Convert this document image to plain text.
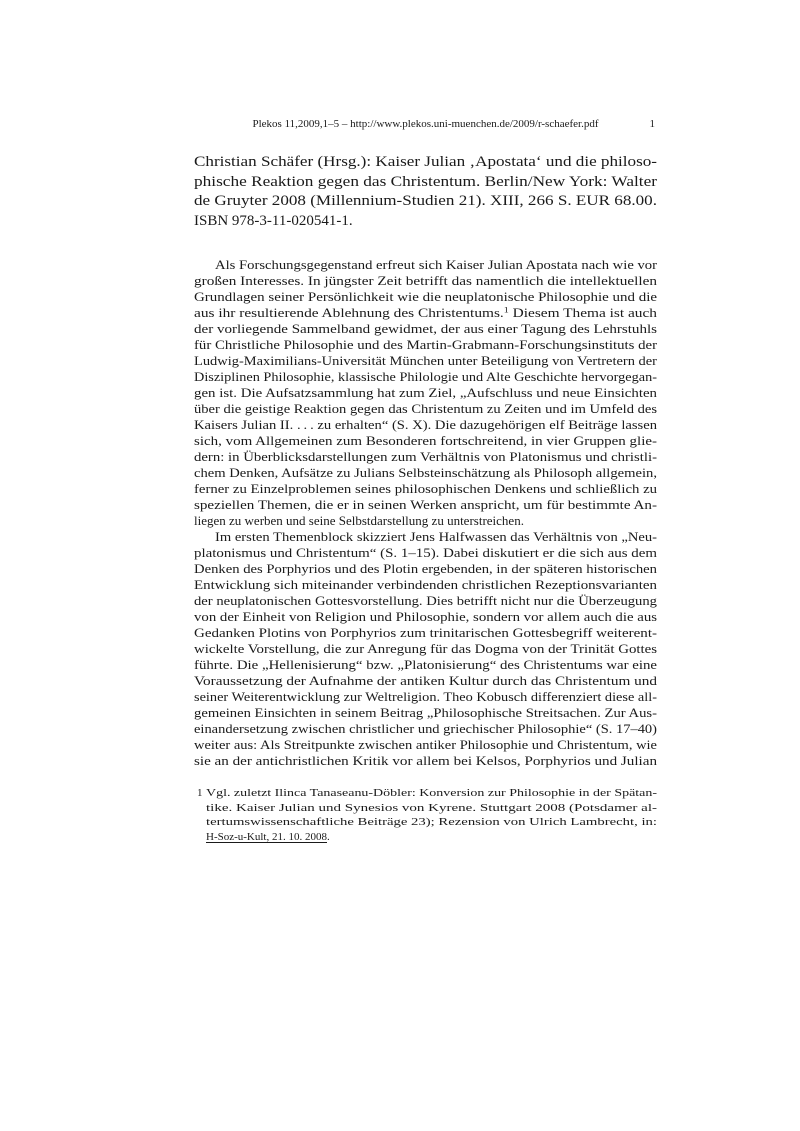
Plekos 11,2009,1–5 – http://www.plekos.uni-muenchen.de/2009/r-schaefer.pdf	1
Christian Schäfer (Hrsg.): Kaiser Julian ‚Apostata‘ und die philoso-
phische Reaktion gegen das Christentum. Berlin/New York: Walter
de Gruyter 2008 (Millennium-Studien 21). XIII, 266 S. EUR 68.00.
ISBN 978-3-11-020541-1.
Als Forschungsgegenstand erfreut sich Kaiser Julian Apostata nach wie vor
großen Interesses. In jüngster Zeit betrifft das namentlich die intellektuellen
Grundlagen seiner Persönlichkeit wie die neuplatonische Philosophie und die
aus ihr resultierende Ablehnung des Christentums.$^1$ Diesem Thema ist auch
der vorliegende Sammelband gewidmet, der aus einer Tagung des Lehrstuhls
für Christliche Philosophie und des Martin-Grabmann-Forschungsinstituts der
Ludwig-Maximilians-Universität München unter Beteiligung von Vertretern der
Disziplinen Philosophie, klassische Philologie und Alte Geschichte hervorgegan-
gen ist. Die Aufsatzsammlung hat zum Ziel, „Aufschluss und neue Einsichten
über die geistige Reaktion gegen das Christentum zu Zeiten und im Umfeld des
Kaisers Julian II. . . . zu erhalten“ (S. X). Die dazugehörigen elf Beiträge lassen
sich, vom Allgemeinen zum Besonderen fortschreitend, in vier Gruppen glie-
dern: in Überblicksdarstellungen zum Verhältnis von Platonismus und christli-
chem Denken, Aufsätze zu Julians Selbsteinschätzung als Philosoph allgemein,
ferner zu Einzelproblemen seines philosophischen Denkens und schließlich zu
speziellen Themen, die er in seinen Werken anspricht, um für bestimmte An-
liegen zu werben und seine Selbstdarstellung zu unterstreichen.
Im ersten Themenblock skizziert Jens Halfwassen das Verhältnis von „Neu-
platonismus und Christentum“ (S. 1–15). Dabei diskutiert er die sich aus dem
Denken des Porphyrios und des Plotin ergebenden, in der späteren historischen
Entwicklung sich miteinander verbindenden christlichen Rezeptionsvarianten
der neuplatonischen Gottesvorstellung. Dies betrifft nicht nur die Überzeugung
von der Einheit von Religion und Philosophie, sondern vor allem auch die aus
Gedanken Plotins von Porphyrios zum trinitarischen Gottesbegriff weiterent-
wickelte Vorstellung, die zur Anregung für das Dogma von der Trinität Gottes
führte. Die „Hellenisierung“ bzw. „Platonisierung“ des Christentums war eine
Voraussetzung der Aufnahme der antiken Kultur durch das Christentum und
seiner Weiterentwicklung zur Weltreligion. Theo Kobusch differenziert diese all-
gemeinen Einsichten in seinem Beitrag „Philosophische Streitsachen. Zur Aus-
einandersetzung zwischen christlicher und griechischer Philosophie“ (S. 17–40)
weiter aus: Als Streitpunkte zwischen antiker Philosophie und Christentum, wie
sie an der antichristlichen Kritik vor allem bei Kelsos, Porphyrios und Julian
1 Vgl. zuletzt Ilinca Tanaseanu-Döbler: Konversion zur Philosophie in der Spätan-
tike. Kaiser Julian und Synesios von Kyrene. Stuttgart 2008 (Potsdamer al-
tertumswissenschaftliche Beiträge 23); Rezension von Ulrich Lambrecht, in:
H-Soz-u-Kult, 21. 10. 2008.
